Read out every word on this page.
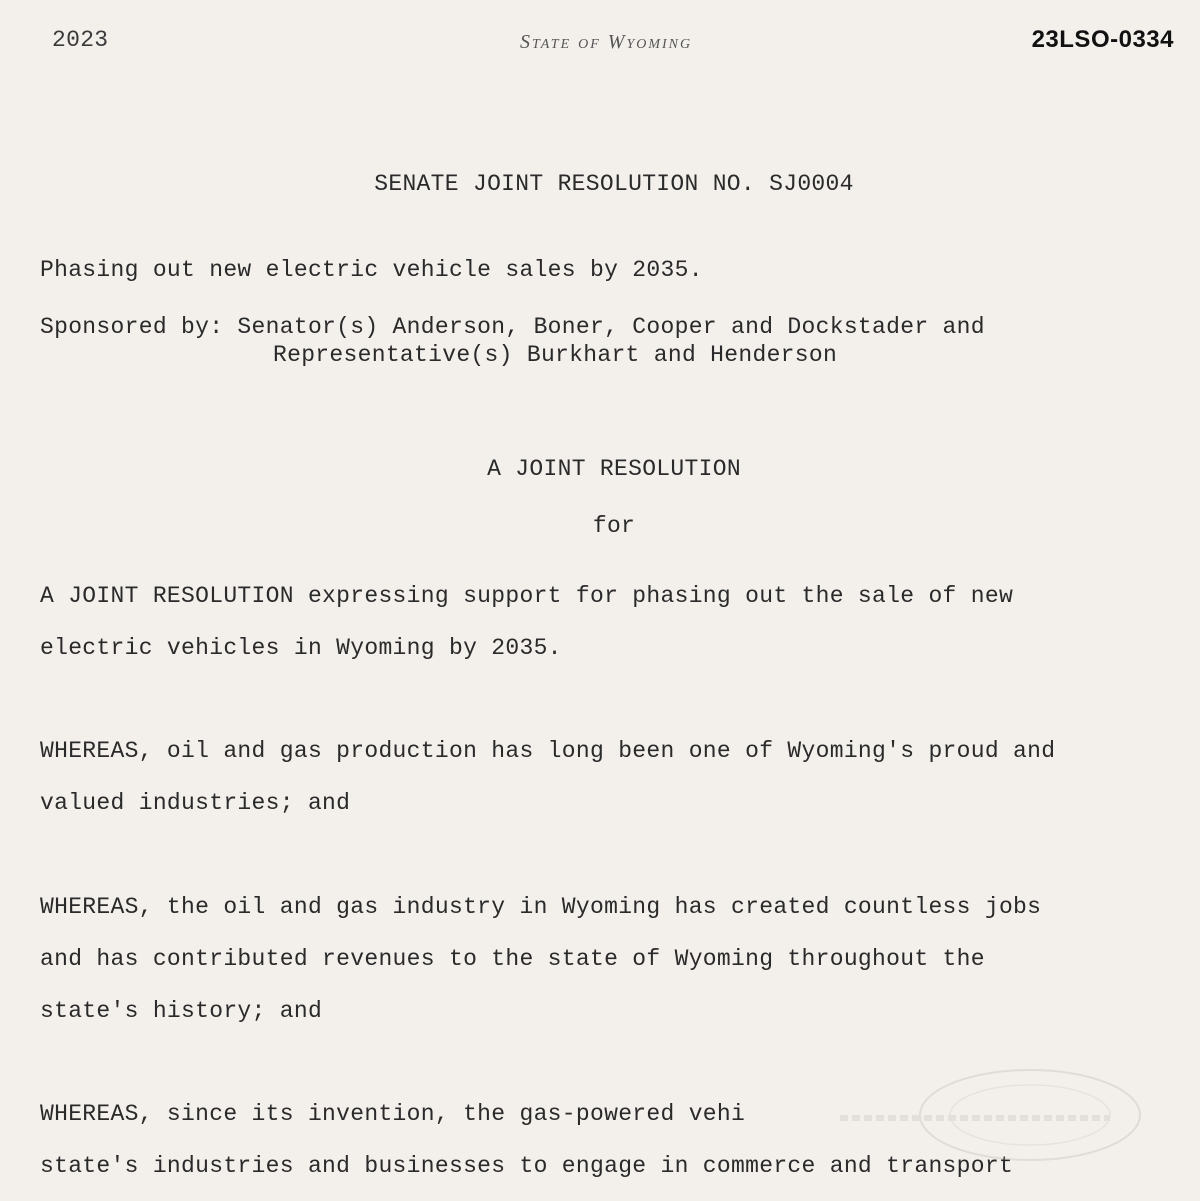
2023	State of Wyoming	23LSO-0334
SENATE JOINT RESOLUTION NO. SJ0004
Phasing out new electric vehicle sales by 2035.
Sponsored by: Senator(s) Anderson, Boner, Cooper and Dockstader and
Representative(s) Burkhart and Henderson
A JOINT RESOLUTION
for
A JOINT RESOLUTION expressing support for phasing out the sale of new
electric vehicles in Wyoming by 2035.
WHEREAS, oil and gas production has long been one of Wyoming's proud and
valued industries; and
WHEREAS, the oil and gas industry in Wyoming has created countless jobs
and has contributed revenues to the state of Wyoming throughout the
state's history; and
WHEREAS, since its invention, the gas-powered vehi
state's industries and businesses to engage in commerce and transport
